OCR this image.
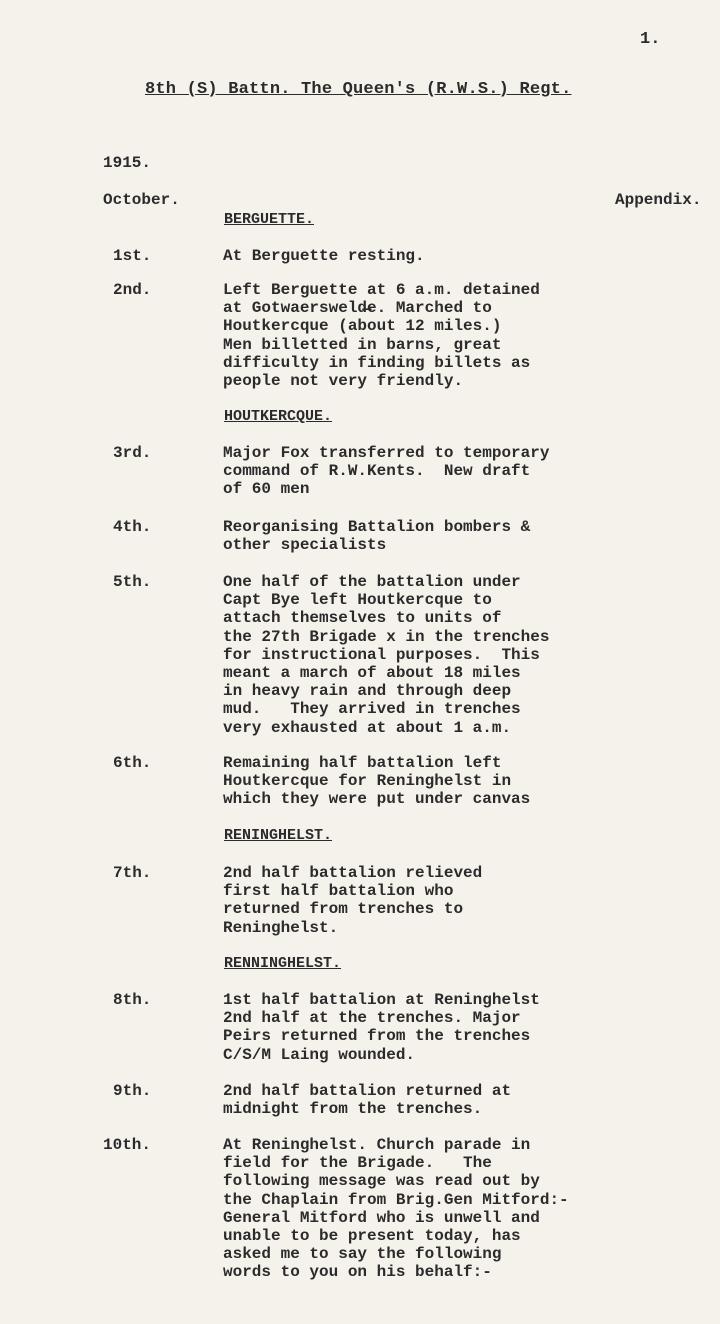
1.
8th (S) Battn. The Queen's (R.W.S.) Regt.
1915.
October.	Appendix.
BERGUETTE.
1st.	At Berguette resting.
2nd.	Left Berguette at 6 a.m. detained
at Gotwaersweld̶e. Marched to
Houtkercque (about 12 miles.)
Men billetted in barns, great
difficulty in finding billets as
people not very friendly.
HOUTKERCQUE.
3rd.	Major Fox transferred to temporary
command of R.W.Kents.  New draft
of 60 men
4th.	Reorganising Battalion bombers &
other specialists
5th.	One half of the battalion under
Capt Bye left Houtkercque to
attach themselves to units of
the 27th Brigade x in the trenches
for instructional purposes.  This
meant a march of about 18 miles
in heavy rain and through deep
mud.   They arrived in trenches
very exhausted at about 1 a.m.
6th.	Remaining half battalion left
Houtkercque for Reninghelst in
which they were put under canvas
RENINGHELST.
7th.	2nd half battalion relieved
first half battalion who
returned from trenches to
Reninghelst.
RENNINGHELST.
8th.	1st half battalion at Reninghelst
2nd half at the trenches. Major
Peirs returned from the trenches
C/S/M Laing wounded.
9th.	2nd half battalion returned at
midnight from the trenches.
10th.	At Reninghelst. Church parade in
field for the Brigade.   The
following message was read out by
the Chaplain from Brig.Gen Mitford:-
General Mitford who is unwell and
unable to be present today, has
asked me to say the following
words to you on his behalf:-
